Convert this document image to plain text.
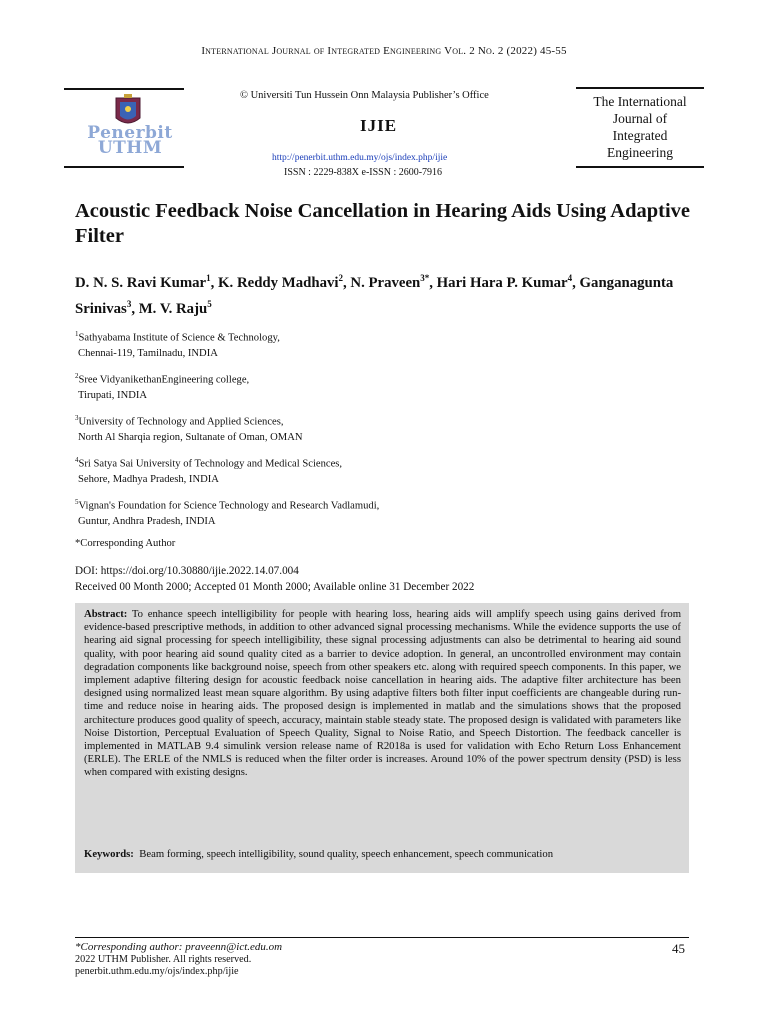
International Journal of Integrated Engineering Vol. 2 No. 2 (2022) 45-55
Penerbit
UTHM
© Universiti Tun Hussein Onn Malaysia Publisher’s Office
IJIE
http://penerbit.uthm.edu.my/ojs/index.php/ijie
ISSN : 2229-838X e-ISSN : 2600-7916
The International
Journal of
Integrated
Engineering
Acoustic Feedback Noise Cancellation in Hearing Aids Using Adaptive Filter
D. N. S. Ravi Kumar$^1$, K. Reddy Madhavi$^2$, N. Praveen$^{3*}$, Hari Hara P. Kumar$^4$, Ganganagunta Srinivas$^3$, M. V. Raju$^5$
$^1$Sathyabama Institute of Science & Technology,
Chennai-119, Tamilnadu, INDIA
$^2$Sree VidyanikethanEngineering college,
Tirupati, INDIA
$^3$University of Technology and Applied Sciences,
North Al Sharqia region, Sultanate of Oman, OMAN
$^4$Sri Satya Sai University of Technology and Medical Sciences,
Sehore, Madhya Pradesh, INDIA
$^5$Vignan's Foundation for Science Technology and Research Vadlamudi,
Guntur, Andhra Pradesh, INDIA
*Corresponding Author
DOI: https://doi.org/10.30880/ijie.2022.14.07.004
Received 00 Month 2000; Accepted 01 Month 2000; Available online 31 December 2022
Abstract: To enhance speech intelligibility for people with hearing loss, hearing aids will amplify speech using gains derived from evidence-based prescriptive methods, in addition to other advanced signal processing mechanisms. While the evidence supports the use of hearing aid signal processing for speech intelligibility, these signal processing adjustments can also be detrimental to hearing aid sound quality, with poor hearing aid sound quality cited as a barrier to device adoption. In general, an uncontrolled environment may contain degradation components like background noise, speech from other speakers etc. along with required speech components. In this paper, we implement adaptive filtering design for acoustic feedback noise cancellation in hearing aids. The adaptive filter architecture has been designed using normalized least mean square algorithm. By using adaptive filters both filter input coefficients are changeable during run-time and reduce noise in hearing aids. The proposed design is implemented in matlab and the simulations shows that the proposed architecture produces good quality of speech, accuracy, maintain stable steady state. The proposed design is validated with parameters like Noise Distortion, Perceptual Evaluation of Speech Quality, Signal to Noise Ratio, and Speech Distortion. The feedback canceller is implemented in MATLAB 9.4 simulink version release name of R2018a is used for validation with Echo Return Loss Enhancement (ERLE). The ERLE of the NMLS is reduced when the filter order is increases. Around 10% of the power spectrum density (PSD) is less when compared with existing designs.
Keywords: Beam forming, speech intelligibility, sound quality, speech enhancement, speech communication
*Corresponding author: praveenn@ict.edu.om
2022 UTHM Publisher. All rights reserved.
penerbit.uthm.edu.my/ojs/index.php/ijie
45
